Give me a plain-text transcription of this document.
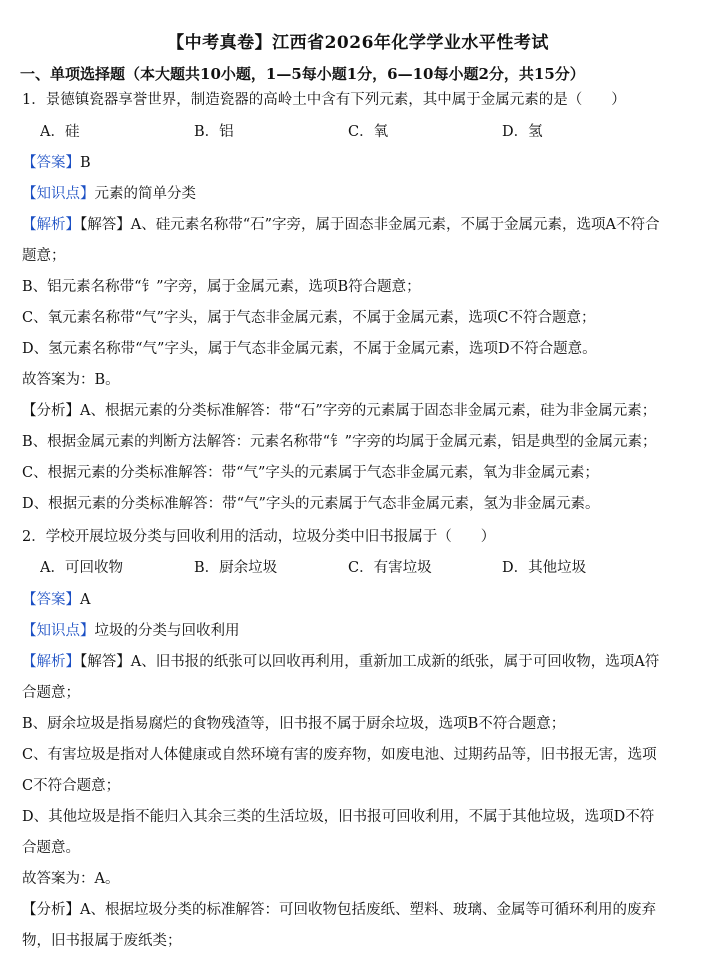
【中考真卷】江西省2026年化学学业水平性考试
一、单项选择题（本大题共10小题，1—5每小题1分，6—10每小题2分，共15分）
1．景德镇瓷器享誉世界，制造瓷器的高岭土中含有下列元素，其中属于金属元素的是（　　）
A．硅	B．铝	C．氧	D．氢
【答案】B
【知识点】元素的简单分类
【解析】【解答】A、硅元素名称带“石”字旁，属于固态非金属元素，不属于金属元素，选项A不符合
题意；
B、铝元素名称带“钅”字旁，属于金属元素，选项B符合题意；
C、氧元素名称带“气”字头，属于气态非金属元素，不属于金属元素，选项C不符合题意；
D、氢元素名称带“气”字头，属于气态非金属元素，不属于金属元素，选项D不符合题意。
故答案为：B。
【分析】A、根据元素的分类标准解答：带“石”字旁的元素属于固态非金属元素，硅为非金属元素；
B、根据金属元素的判断方法解答：元素名称带“钅”字旁的均属于金属元素，铝是典型的金属元素；
C、根据元素的分类标准解答：带“气”字头的元素属于气态非金属元素，氧为非金属元素；
D、根据元素的分类标准解答：带“气”字头的元素属于气态非金属元素，氢为非金属元素。
2．学校开展垃圾分类与回收利用的活动，垃圾分类中旧书报属于（　　）
A．可回收物	B．厨余垃圾	C．有害垃圾	D．其他垃圾
【答案】A
【知识点】垃圾的分类与回收利用
【解析】【解答】A、旧书报的纸张可以回收再利用，重新加工成新的纸张，属于可回收物，选项A符
合题意；
B、厨余垃圾是指易腐烂的食物残渣等，旧书报不属于厨余垃圾，选项B不符合题意；
C、有害垃圾是指对人体健康或自然环境有害的废弃物，如废电池、过期药品等，旧书报无害，选项
C不符合题意；
D、其他垃圾是指不能归入其余三类的生活垃圾，旧书报可回收利用，不属于其他垃圾，选项D不符
合题意。
故答案为：A。
【分析】A、根据垃圾分类的标准解答：可回收物包括废纸、塑料、玻璃、金属等可循环利用的废弃
物，旧书报属于废纸类；
